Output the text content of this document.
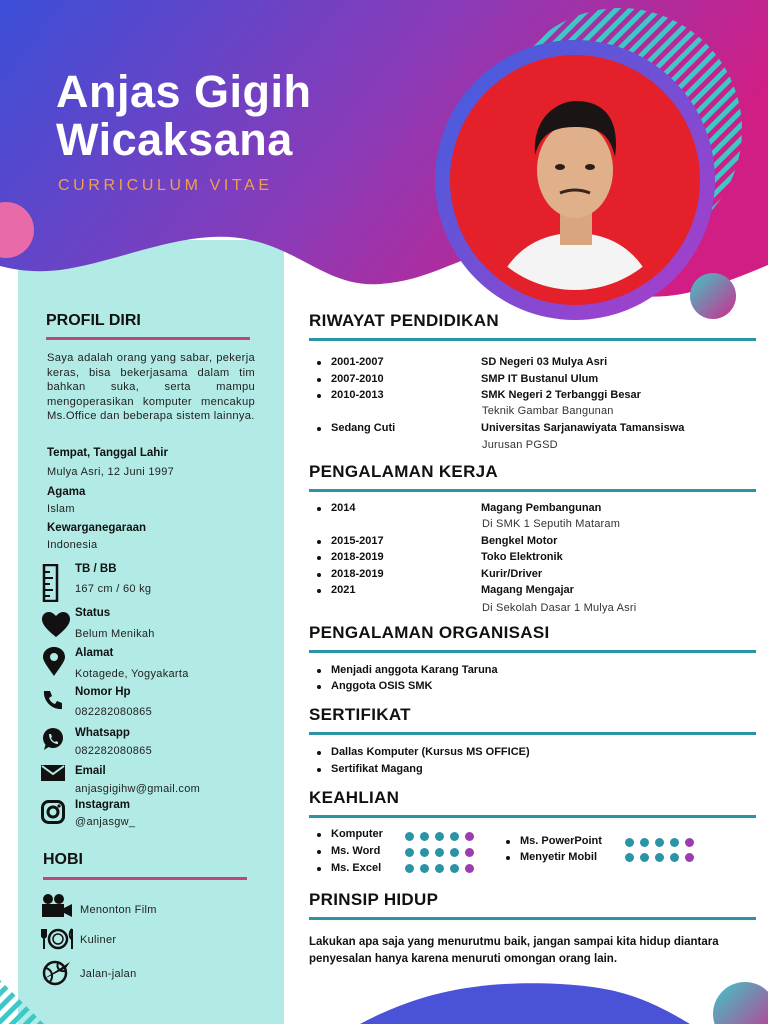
Anjas Gigih Wicaksana
CURRICULUM VITAE
PROFIL DIRI
Saya adalah orang yang sabar, pekerja keras, bisa bekerjasama dalam tim bahkan suka, serta mampu mengoperasikan komputer mencakup Ms.Office dan beberapa sistem lainnya.
Tempat, Tanggal Lahir
Mulya Asri, 12 Juni 1997
Agama
Islam
Kewarganegaraan
Indonesia
TB / BB
167 cm / 60 kg
Status
Belum Menikah
Alamat
Kotagede, Yogyakarta
Nomor Hp
082282080865
Whatsapp
082282080865
Email
anjasgigihw@gmail.com
Instagram
@anjasgw_
HOBI
Menonton Film
Kuliner
Jalan-jalan
RIWAYAT PENDIDIKAN
2001-2007	SD Negeri 03 Mulya Asri
2007-2010	SMP IT Bustanul Ulum
2010-2013	SMK Negeri 2 Terbanggi Besar
Teknik Gambar Bangunan
Sedang Cuti	Universitas Sarjanawiyata Tamansiswa
Jurusan PGSD
PENGALAMAN KERJA
2014	Magang Pembangunan
Di SMK 1 Seputih Mataram
2015-2017	Bengkel Motor
2018-2019	Toko Elektronik
2018-2019	Kurir/Driver
2021	Magang Mengajar
Di Sekolah Dasar 1 Mulya Asri
PENGALAMAN ORGANISASI
Menjadi anggota Karang Taruna
Anggota OSIS SMK
SERTIFIKAT
Dallas Komputer (Kursus MS OFFICE)
Sertifikat Magang
KEAHLIAN
Komputer
Ms. Word
Ms. Excel
Ms. PowerPoint
Menyetir Mobil
PRINSIP HIDUP
Lakukan apa saja yang menurutmu baik, jangan sampai kita hidup diantara penyesalan hanya karena menuruti omongan orang lain.
